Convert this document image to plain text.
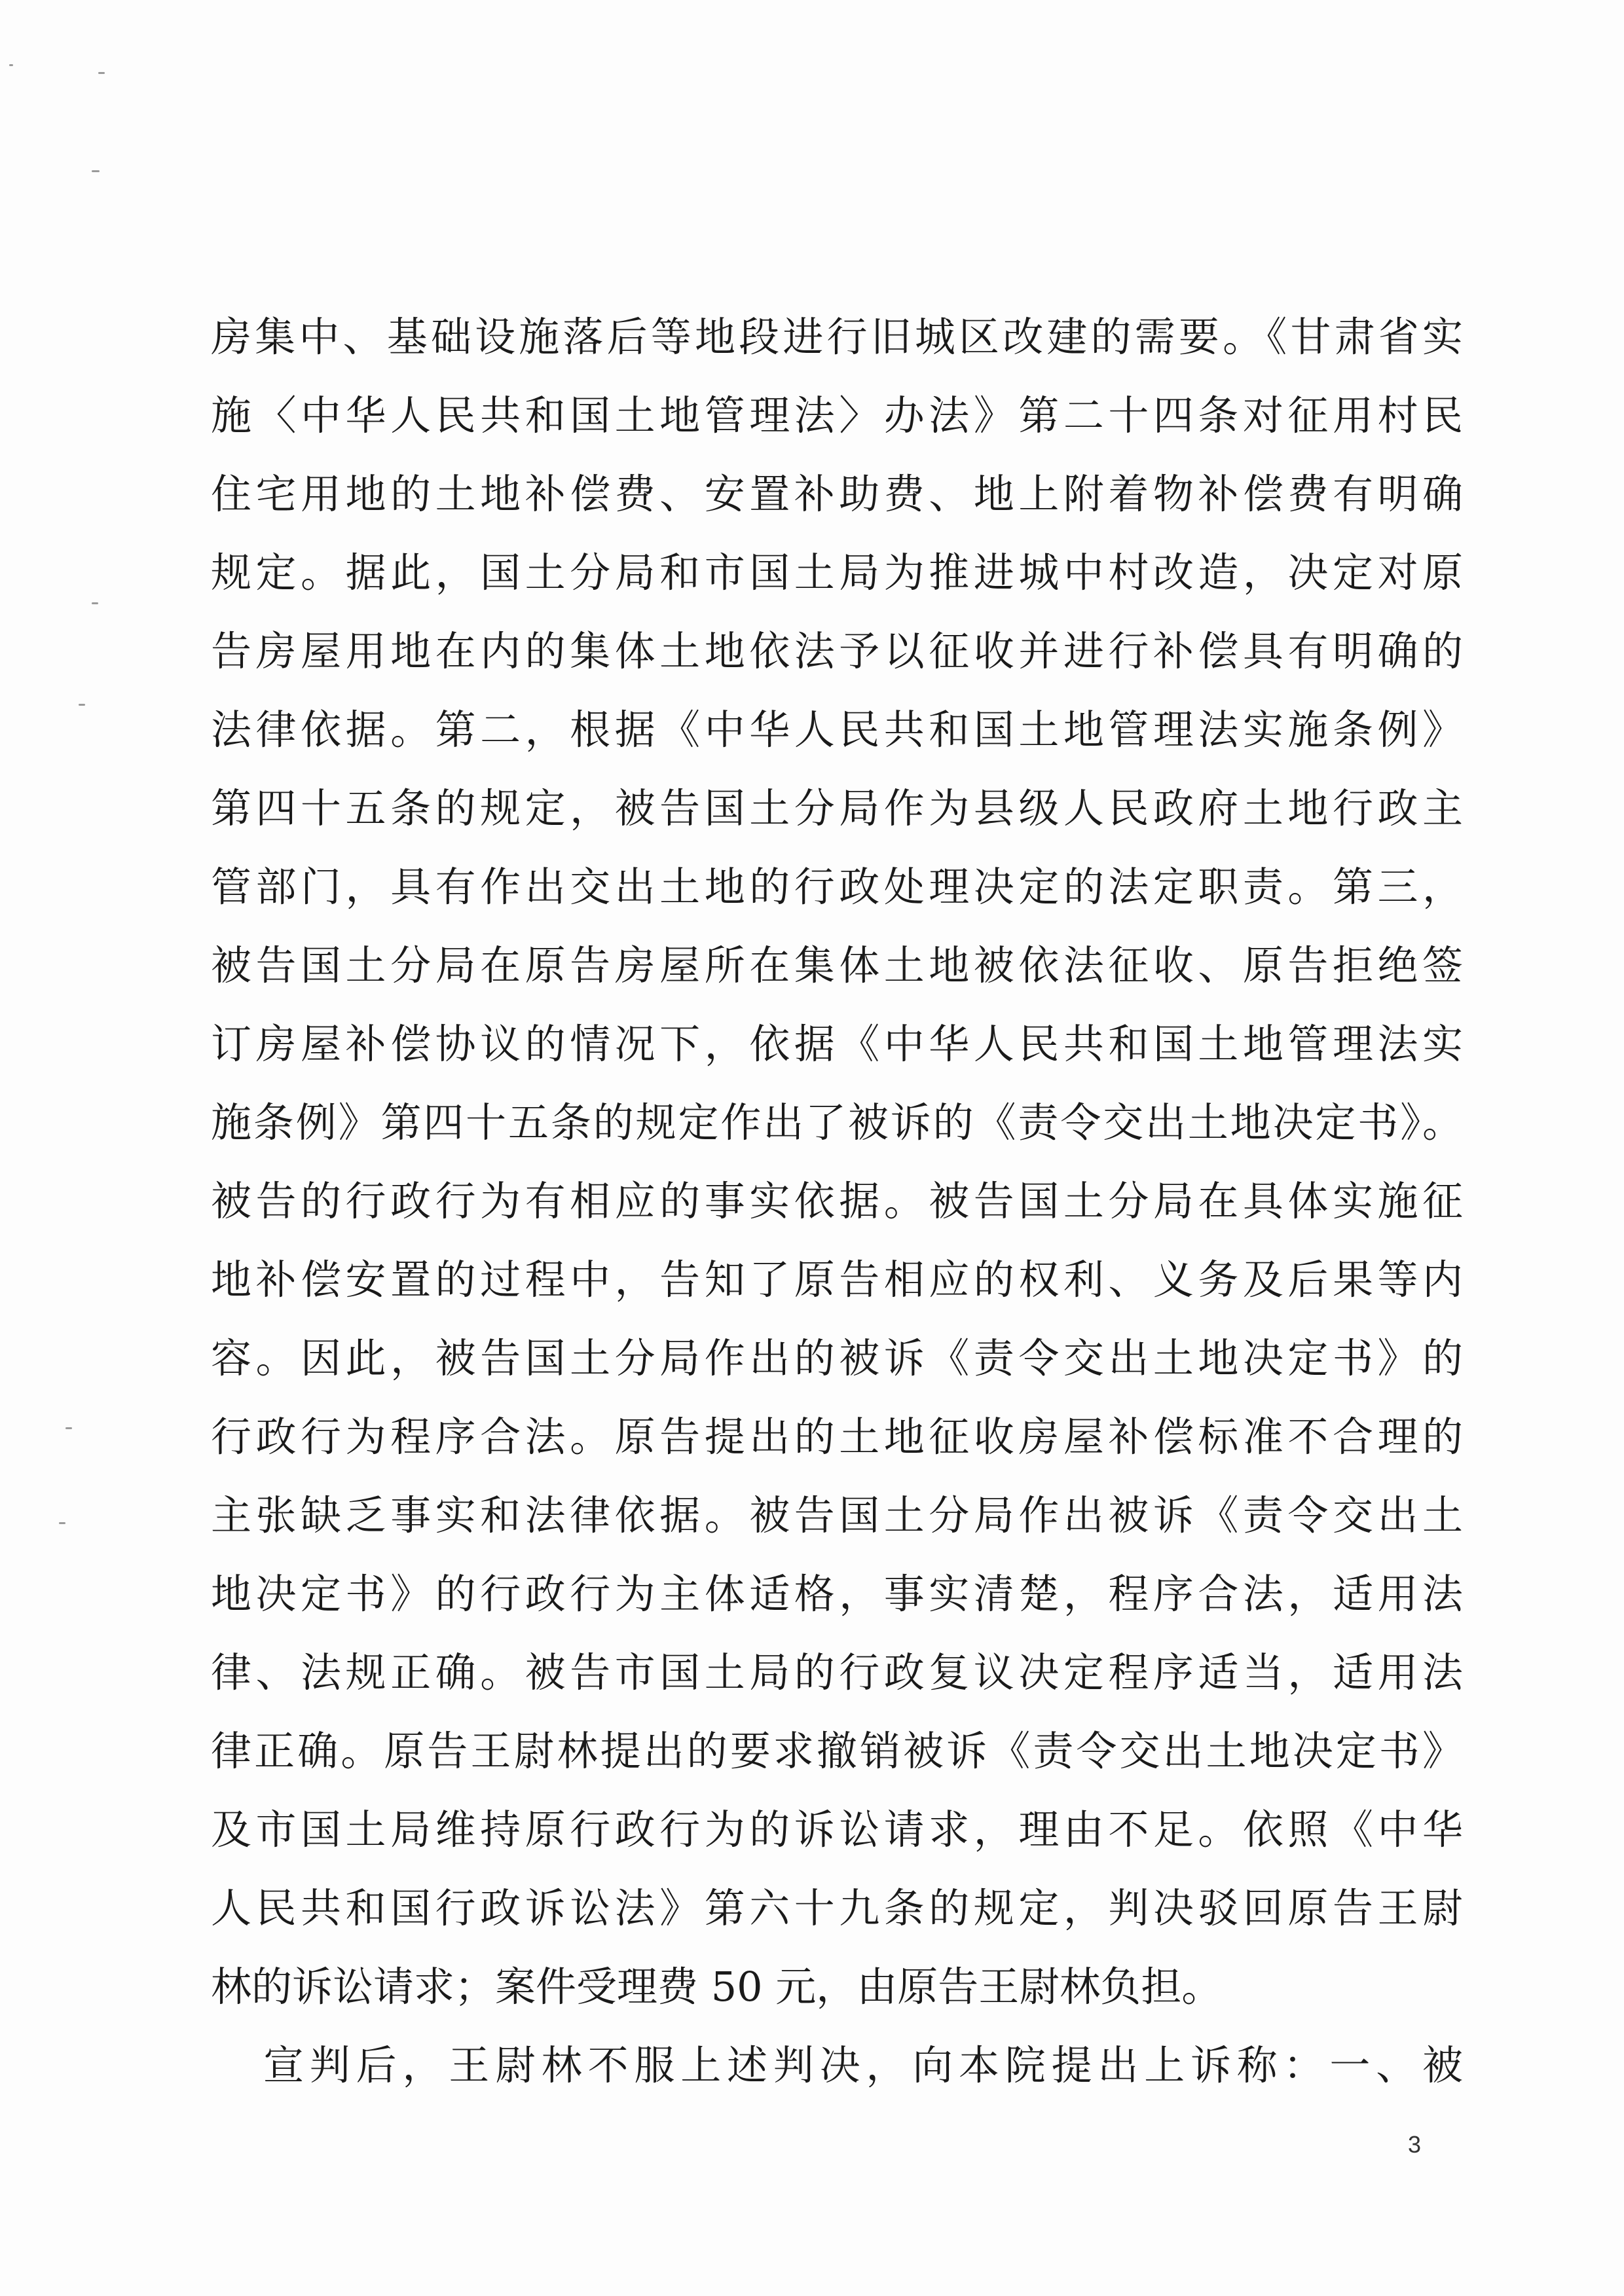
房集中、基础设施落后等地段进行旧城区改建的需要。《甘肃省实
施〈中华人民共和国土地管理法〉办法》第二十四条对征用村民
住宅用地的土地补偿费、安置补助费、地上附着物补偿费有明确
规定。据此，国土分局和市国土局为推进城中村改造，决定对原
告房屋用地在内的集体土地依法予以征收并进行补偿具有明确的
法律依据。第二，根据《中华人民共和国土地管理法实施条例》
第四十五条的规定，被告国土分局作为县级人民政府土地行政主
管部门，具有作出交出土地的行政处理决定的法定职责。第三，
被告国土分局在原告房屋所在集体土地被依法征收、原告拒绝签
订房屋补偿协议的情况下，依据《中华人民共和国土地管理法实
施条例》第四十五条的规定作出了被诉的《责令交出土地决定书》。
被告的行政行为有相应的事实依据。被告国土分局在具体实施征
地补偿安置的过程中，告知了原告相应的权利、义务及后果等内
容。因此，被告国土分局作出的被诉《责令交出土地决定书》的
行政行为程序合法。原告提出的土地征收房屋补偿标准不合理的
主张缺乏事实和法律依据。被告国土分局作出被诉《责令交出土
地决定书》的行政行为主体适格，事实清楚，程序合法，适用法
律、法规正确。被告市国土局的行政复议决定程序适当，适用法
律正确。原告王尉林提出的要求撤销被诉《责令交出土地决定书》
及市国土局维持原行政行为的诉讼请求，理由不足。依照《中华
人民共和国行政诉讼法》第六十九条的规定，判决驳回原告王尉
林的诉讼请求；案件受理费 50 元，由原告王尉林负担。
宣判后，王尉林不服上述判决，向本院提出上诉称：一、被
3
